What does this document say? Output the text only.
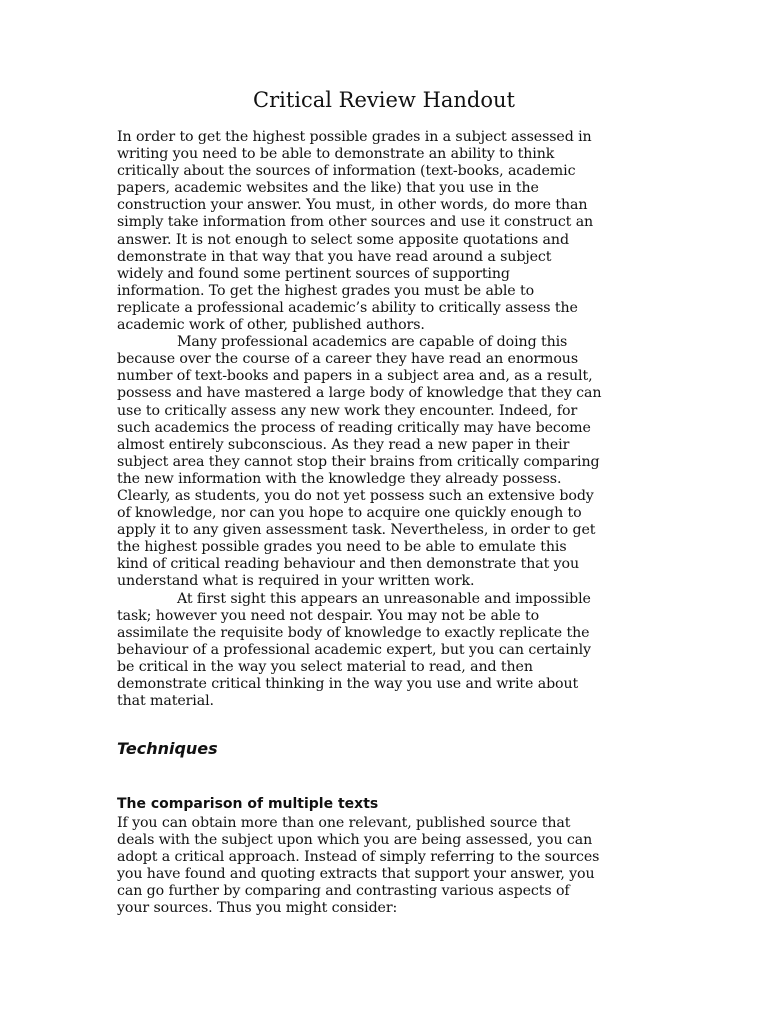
Critical Review Handout
In order to get the highest possible grades in a subject assessed in
writing you need to be able to demonstrate an ability to think
critically about the sources of information (text-books, academic
papers, academic websites and the like) that you use in the
construction your answer. You must, in other words, do more than
simply take information from other sources and use it construct an
answer. It is not enough to select some apposite quotations and
demonstrate in that way that you have read around a subject
widely and found some pertinent sources of supporting
information. To get the highest grades you must be able to
replicate a professional academic’s ability to critically assess the
academic work of other, published authors.
Many professional academics are capable of doing this
because over the course of a career they have read an enormous
number of text-books and papers in a subject area and, as a result,
possess and have mastered a large body of knowledge that they can
use to critically assess any new work they encounter. Indeed, for
such academics the process of reading critically may have become
almost entirely subconscious. As they read a new paper in their
subject area they cannot stop their brains from critically comparing
the new information with the knowledge they already possess.
Clearly, as students, you do not yet possess such an extensive body
of knowledge, nor can you hope to acquire one quickly enough to
apply it to any given assessment task. Nevertheless, in order to get
the highest possible grades you need to be able to emulate this
kind of critical reading behaviour and then demonstrate that you
understand what is required in your written work.
At first sight this appears an unreasonable and impossible
task; however you need not despair. You may not be able to
assimilate the requisite body of knowledge to exactly replicate the
behaviour of a professional academic expert, but you can certainly
be critical in the way you select material to read, and then
demonstrate critical thinking in the way you use and write about
that material.
Techniques
The comparison of multiple texts
If you can obtain more than one relevant, published source that
deals with the subject upon which you are being assessed, you can
adopt a critical approach. Instead of simply referring to the sources
you have found and quoting extracts that support your answer, you
can go further by comparing and contrasting various aspects of
your sources. Thus you might consider:
